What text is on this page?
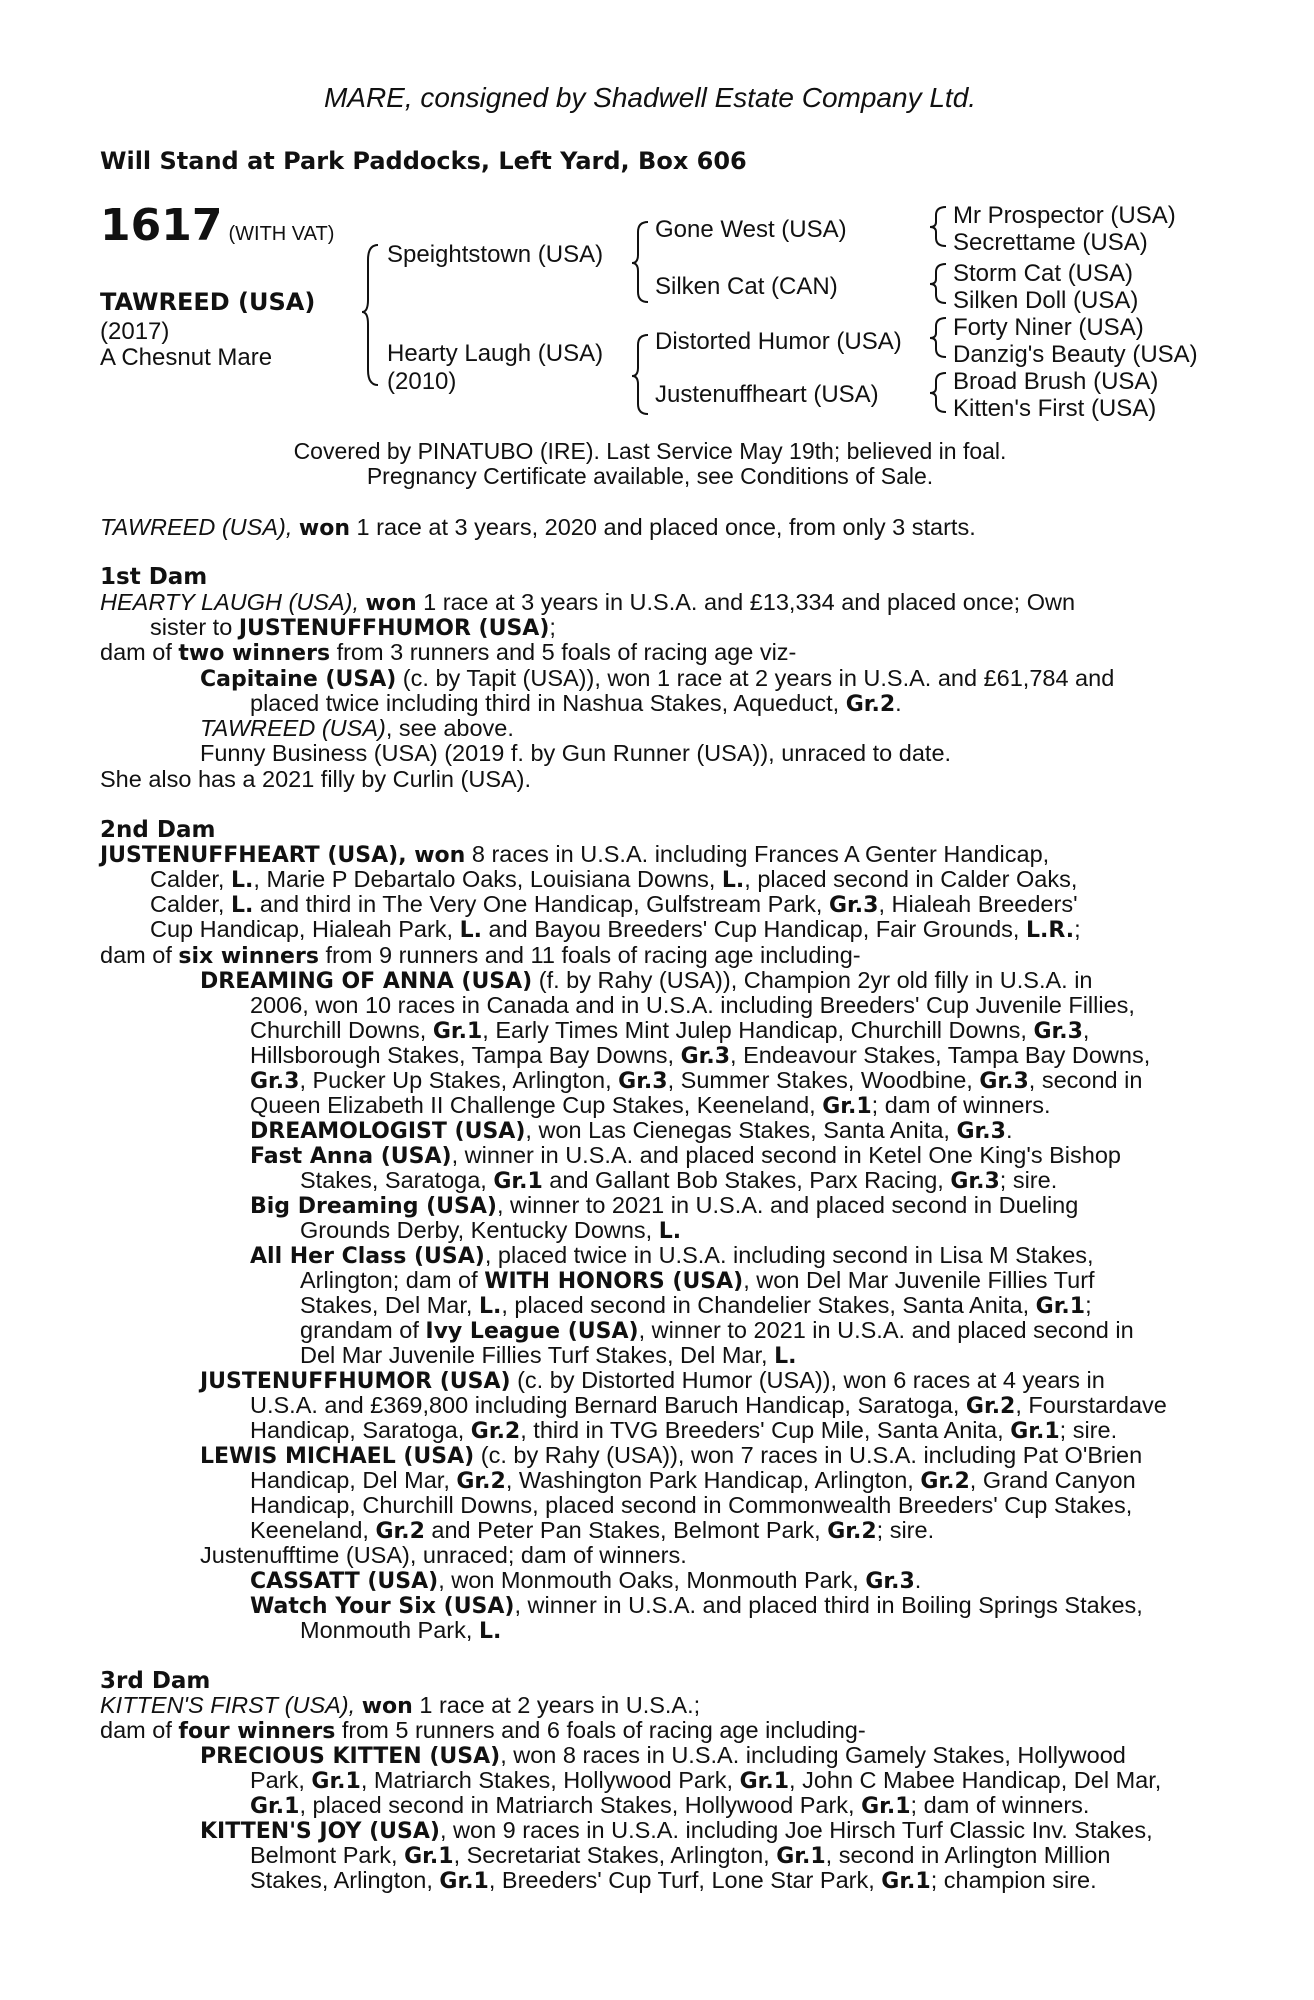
MARE, consigned by Shadwell Estate Company Ltd.
Will Stand at Park Paddocks, Left Yard, Box 606
1617 (WITH VAT)
TAWREED (USA)
(2017)
A Chesnut Mare
Speightstown (USA)
Hearty Laugh (USA)
(2010)
Gone West (USA)
Silken Cat (CAN)
Distorted Humor (USA)
Justenuffheart (USA)
Mr Prospector (USA)
Secrettame (USA)
Storm Cat (USA)
Silken Doll (USA)
Forty Niner (USA)
Danzig's Beauty (USA)
Broad Brush (USA)
Kitten's First (USA)
Covered by PINATUBO (IRE). Last Service May 19th; believed in foal.
Pregnancy Certificate available, see Conditions of Sale.
TAWREED (USA), won 1 race at 3 years, 2020 and placed once, from only 3 starts.
1st Dam
HEARTY LAUGH (USA), won 1 race at 3 years in U.S.A. and £13,334 and placed once; Own
sister to JUSTENUFFHUMOR (USA);
dam of two winners from 3 runners and 5 foals of racing age viz-
Capitaine (USA) (c. by Tapit (USA)), won 1 race at 2 years in U.S.A. and £61,784 and
placed twice including third in Nashua Stakes, Aqueduct, Gr.2.
TAWREED (USA), see above.
Funny Business (USA) (2019 f. by Gun Runner (USA)), unraced to date.
She also has a 2021 filly by Curlin (USA).
2nd Dam
JUSTENUFFHEART (USA), won 8 races in U.S.A. including Frances A Genter Handicap,
Calder, L., Marie P Debartalo Oaks, Louisiana Downs, L., placed second in Calder Oaks,
Calder, L. and third in The Very One Handicap, Gulfstream Park, Gr.3, Hialeah Breeders'
Cup Handicap, Hialeah Park, L. and Bayou Breeders' Cup Handicap, Fair Grounds, L.R.;
dam of six winners from 9 runners and 11 foals of racing age including-
DREAMING OF ANNA (USA) (f. by Rahy (USA)), Champion 2yr old filly in U.S.A. in
2006, won 10 races in Canada and in U.S.A. including Breeders' Cup Juvenile Fillies,
Churchill Downs, Gr.1, Early Times Mint Julep Handicap, Churchill Downs, Gr.3,
Hillsborough Stakes, Tampa Bay Downs, Gr.3, Endeavour Stakes, Tampa Bay Downs,
Gr.3, Pucker Up Stakes, Arlington, Gr.3, Summer Stakes, Woodbine, Gr.3, second in
Queen Elizabeth II Challenge Cup Stakes, Keeneland, Gr.1; dam of winners.
DREAMOLOGIST (USA), won Las Cienegas Stakes, Santa Anita, Gr.3.
Fast Anna (USA), winner in U.S.A. and placed second in Ketel One King's Bishop
Stakes, Saratoga, Gr.1 and Gallant Bob Stakes, Parx Racing, Gr.3; sire.
Big Dreaming (USA), winner to 2021 in U.S.A. and placed second in Dueling
Grounds Derby, Kentucky Downs, L.
All Her Class (USA), placed twice in U.S.A. including second in Lisa M Stakes,
Arlington; dam of WITH HONORS (USA), won Del Mar Juvenile Fillies Turf
Stakes, Del Mar, L., placed second in Chandelier Stakes, Santa Anita, Gr.1;
grandam of Ivy League (USA), winner to 2021 in U.S.A. and placed second in
Del Mar Juvenile Fillies Turf Stakes, Del Mar, L.
JUSTENUFFHUMOR (USA) (c. by Distorted Humor (USA)), won 6 races at 4 years in
U.S.A. and £369,800 including Bernard Baruch Handicap, Saratoga, Gr.2, Fourstardave
Handicap, Saratoga, Gr.2, third in TVG Breeders' Cup Mile, Santa Anita, Gr.1; sire.
LEWIS MICHAEL (USA) (c. by Rahy (USA)), won 7 races in U.S.A. including Pat O'Brien
Handicap, Del Mar, Gr.2, Washington Park Handicap, Arlington, Gr.2, Grand Canyon
Handicap, Churchill Downs, placed second in Commonwealth Breeders' Cup Stakes,
Keeneland, Gr.2 and Peter Pan Stakes, Belmont Park, Gr.2; sire.
Justenufftime (USA), unraced; dam of winners.
CASSATT (USA), won Monmouth Oaks, Monmouth Park, Gr.3.
Watch Your Six (USA), winner in U.S.A. and placed third in Boiling Springs Stakes,
Monmouth Park, L.
3rd Dam
KITTEN'S FIRST (USA), won 1 race at 2 years in U.S.A.;
dam of four winners from 5 runners and 6 foals of racing age including-
PRECIOUS KITTEN (USA), won 8 races in U.S.A. including Gamely Stakes, Hollywood
Park, Gr.1, Matriarch Stakes, Hollywood Park, Gr.1, John C Mabee Handicap, Del Mar,
Gr.1, placed second in Matriarch Stakes, Hollywood Park, Gr.1; dam of winners.
KITTEN'S JOY (USA), won 9 races in U.S.A. including Joe Hirsch Turf Classic Inv. Stakes,
Belmont Park, Gr.1, Secretariat Stakes, Arlington, Gr.1, second in Arlington Million
Stakes, Arlington, Gr.1, Breeders' Cup Turf, Lone Star Park, Gr.1; champion sire.
